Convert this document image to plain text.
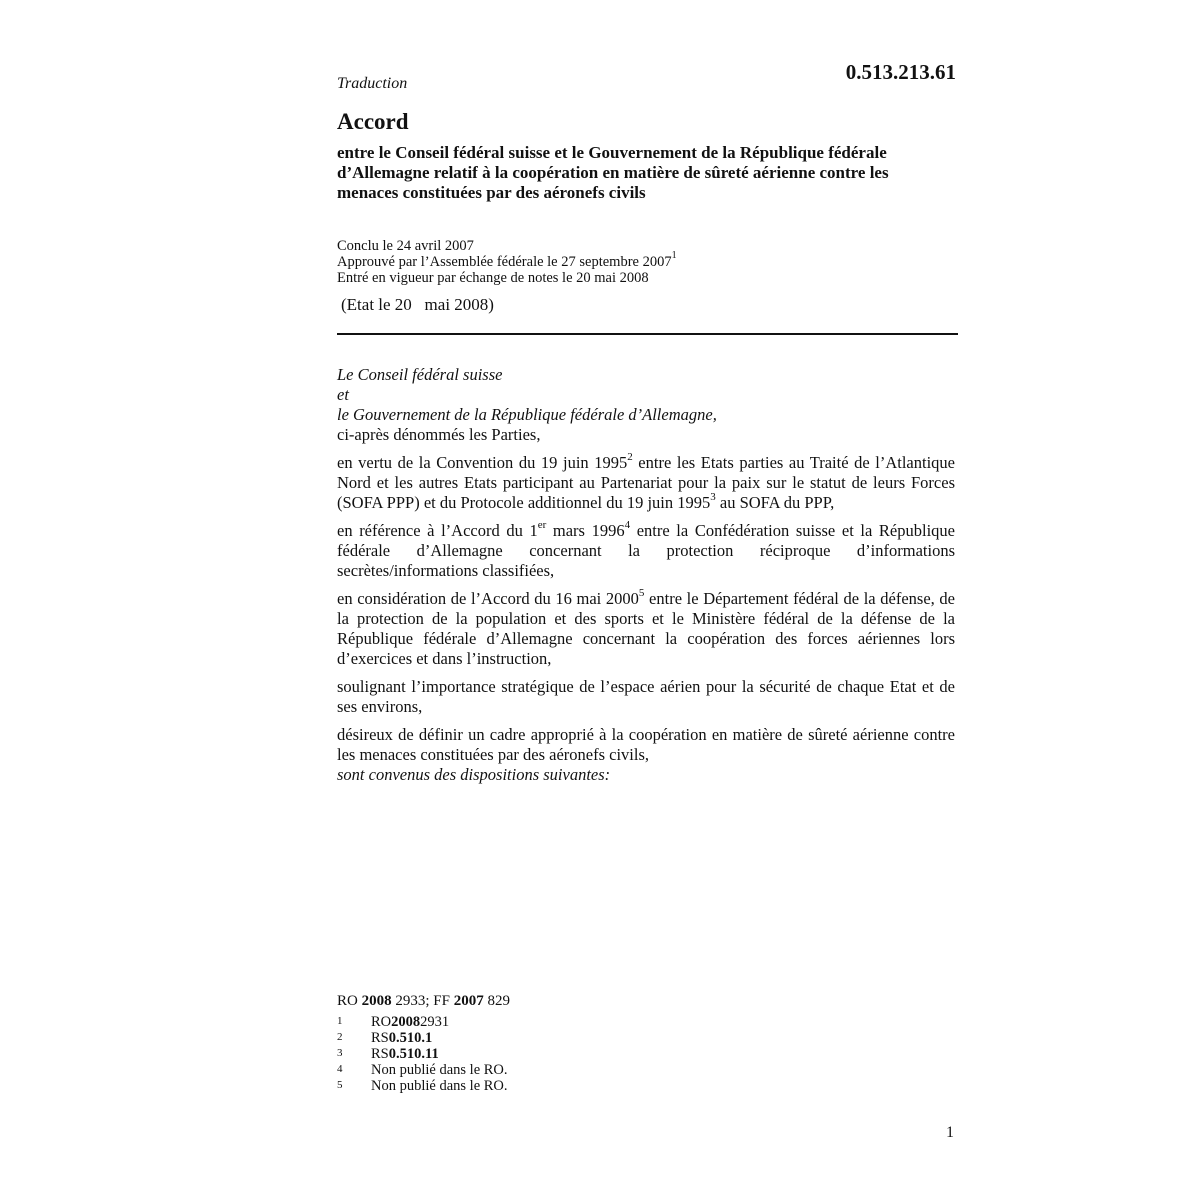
Traduction	0.513.213.61
Accord
entre le Conseil fédéral suisse et le Gouvernement de la République fédérale d’Allemagne relatif à la coopération en matière de sûreté aérienne contre les menaces constituées par des aéronefs civils
Conclu le 24 avril 2007
Approuvé par l’Assemblée fédérale le 27 septembre 2007$^1$
Entré en vigueur par échange de notes le 20 mai 2008
(Etat le 20   mai 2008)

Le Conseil fédéral suisse

et

le Gouvernement de la République fédérale d’Allemagne,

ci-après dénommés les Parties,

en vertu de la Convention du 19 juin 1995$^2$ entre les Etats parties au Traité de l’Atlantique Nord et les autres Etats participant au Partenariat pour la paix sur le statut de leurs Forces (SOFA PPP) et du Protocole additionnel du 19 juin 1995$^3$ au SOFA du PPP,

en référence à l’Accord du 1er mars 1996$^4$ entre la Confédération suisse et la République fédérale d’Allemagne concernant la protection réciproque d’informations secrètes/informations classifiées,

en considération de l’Accord du 16 mai 2000$^5$ entre le Département fédéral de la défense, de la protection de la population et des sports et le Ministère fédéral de la défense de la République fédérale d’Allemagne concernant la coopération des forces aériennes lors d’exercices et dans l’instruction,

soulignant l’importance stratégique de l’espace aérien pour la sécurité de chaque Etat et de ses environs,

désireux de définir un cadre approprié à la coopération en matière de sûreté aérienne contre les menaces constituées par des aéronefs civils,

sont convenus des dispositions suivantes:

RO 2008 2933; FF 2007 829
1	RO 2008 2931
2	RS 0.510.1
3	RS 0.510.11
4	Non publié dans le RO.
5	Non publié dans le RO.
1
